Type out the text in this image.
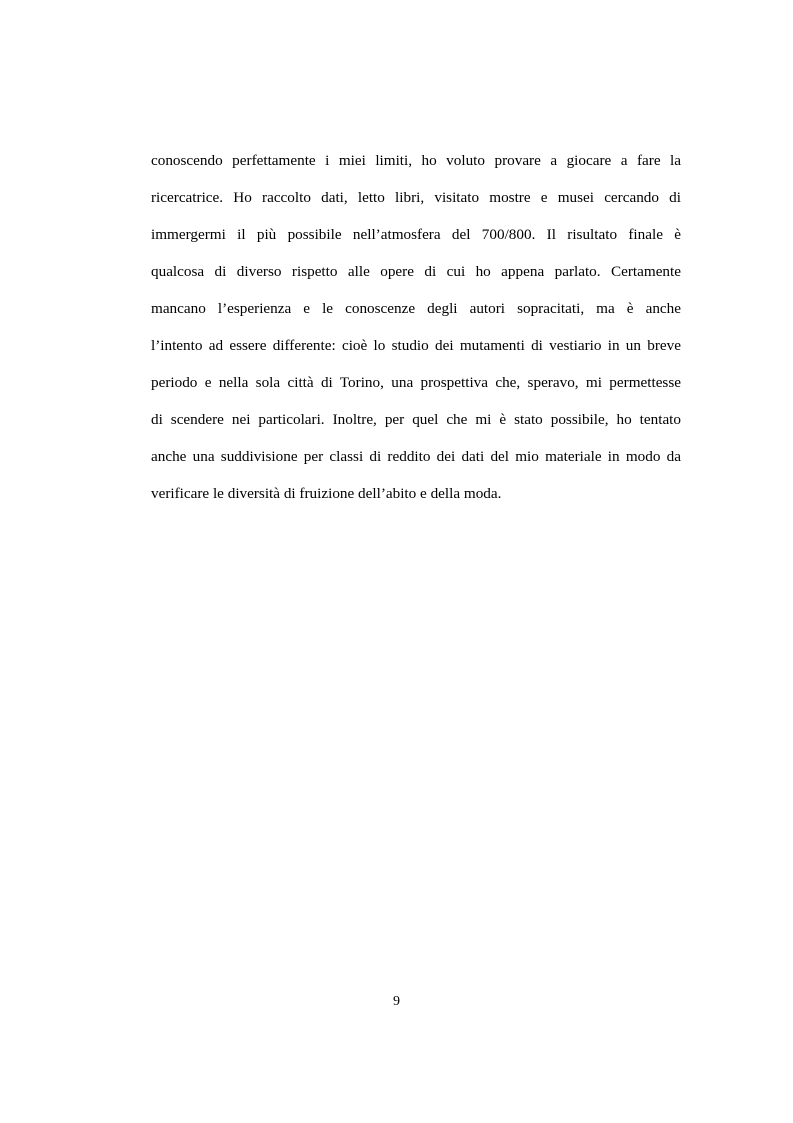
conoscendo perfettamente i miei limiti, ho voluto provare a giocare a fare la
ricercatrice. Ho raccolto dati, letto libri, visitato mostre e musei cercando di
immergermi il più possibile nell’atmosfera del 700/800. Il risultato finale è
qualcosa di diverso rispetto alle opere di cui ho appena parlato. Certamente
mancano l’esperienza e le conoscenze degli autori sopracitati, ma è anche
l’intento ad essere differente: cioè lo studio dei mutamenti di vestiario in un breve
periodo e nella sola città di Torino, una prospettiva che, speravo, mi permettesse
di scendere nei particolari. Inoltre, per quel che mi è stato possibile, ho tentato
anche una suddivisione per classi di reddito dei dati del mio materiale in modo da
verificare le diversità di fruizione dell’abito e della moda.
9
